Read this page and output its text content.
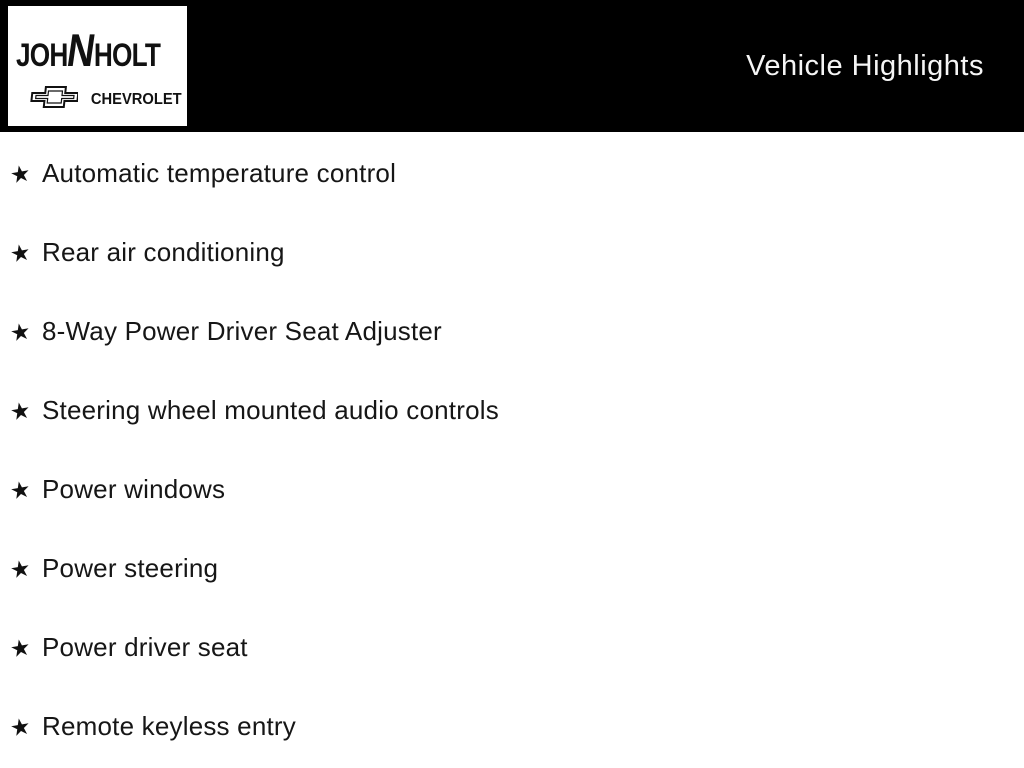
JOHNHOLT
CHEVROLET
Vehicle Highlights
★ Automatic temperature control
★ Rear air conditioning
★ 8-Way Power Driver Seat Adjuster
★ Steering wheel mounted audio controls
★ Power windows
★ Power steering
★ Power driver seat
★ Remote keyless entry
